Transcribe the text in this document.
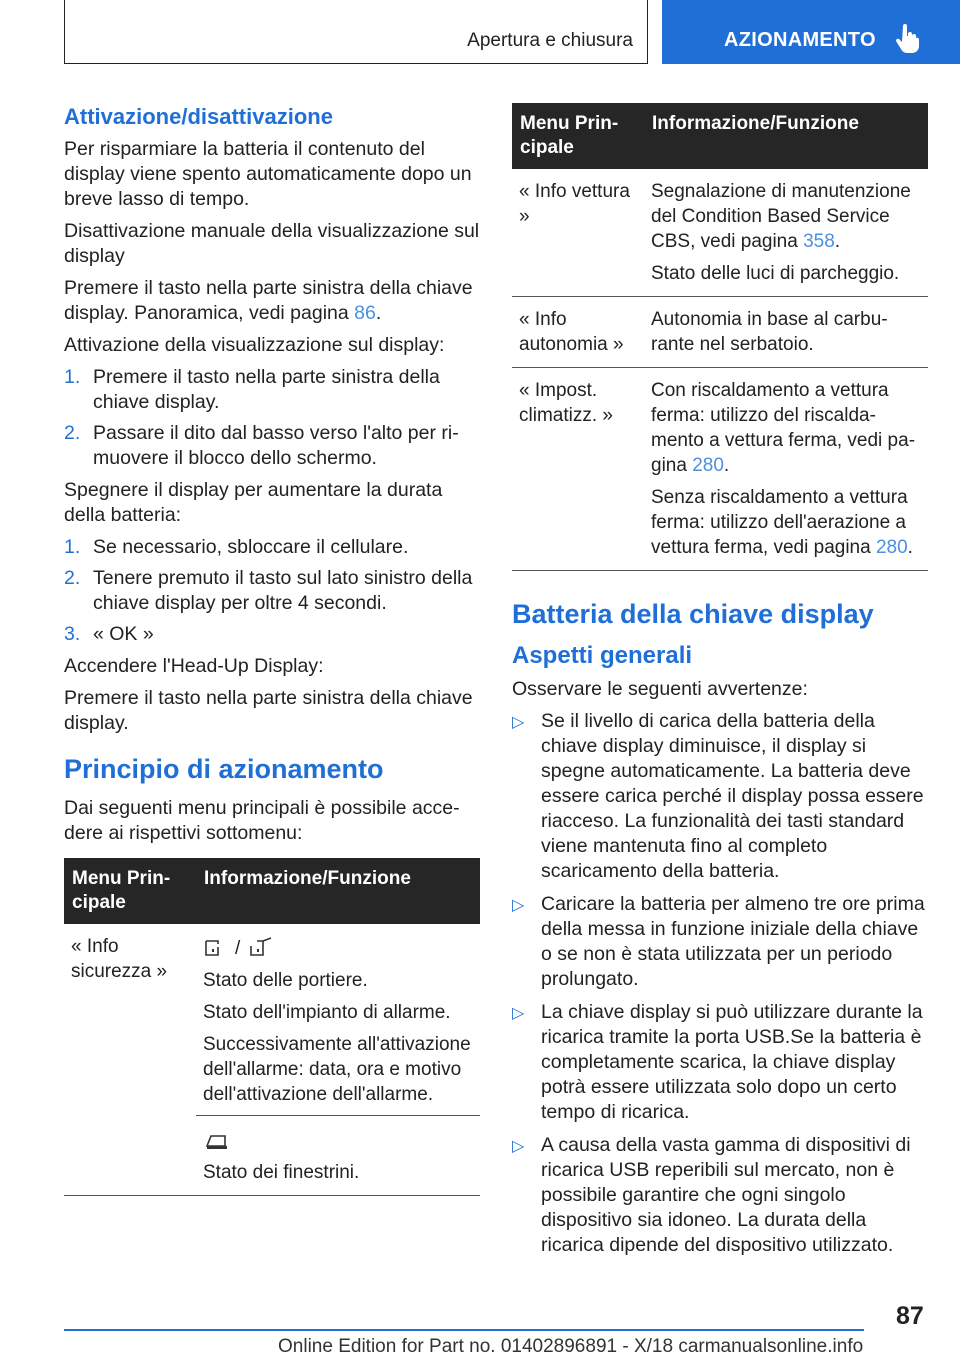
Apertura e chiusura	AZIONAMENTO
Attivazione/disattivazione

Per risparmiare la batteria il contenuto del display viene spento automaticamente dopo un breve lasso di tempo.

Disattivazione manuale della visualizzazione sul display

Premere il tasto nella parte sinistra della chiave display. Panoramica, vedi pagina 86.

Attivazione della visualizzazione sul display:

1. Premere il tasto nella parte sinistra della chiave display.
2. Passare il dito dal basso verso l'alto per rimuovere il blocco dello schermo.

Spegnere il display per aumentare la durata della batteria:

1. Se necessario, sbloccare il cellulare.
2. Tenere premuto il tasto sul lato sinistro della chiave display per oltre 4 secondi.
3. « OK »

Accendere l'Head-Up Display:

Premere il tasto nella parte sinistra della chiave display.

Principio di azionamento

Dai seguenti menu principali è possibile accedere ai rispettivi sottomenu:

Menu Principale	Informazione/Funzione
« Info sicurezza »	/

Stato delle portiere.

Stato dell'impianto di allarme.

Successivamente all'attivazione dell'allarme: data, ora e motivo dell'attivazione dell'allarme.

Stato dei finestrini.

Menu Principale	Informazione/Funzione
« Info vettura »	Segnalazione di manutenzione del Condition Based Service CBS, vedi pagina 358.

Stato delle luci di parcheggio.

« Info autonomia »	Autonomia in base al carburante nel serbatoio.
« Impost. climatizz. »	Con riscaldamento a vettura ferma: utilizzo del riscaldamento a vettura ferma, vedi pagina 280.

Senza riscaldamento a vettura ferma: utilizzo dell'aerazione a vettura ferma, vedi pagina 280.

Batteria della chiave display
Aspetti generali

Osservare le seguenti avvertenze:

▷ Se il livello di carica della batteria della chiave display diminuisce, il display si spegne automaticamente. La batteria deve essere carica perché il display possa essere riacceso. La funzionalità dei tasti standard viene mantenuta fino al completo scaricamento della batteria.
▷ Caricare la batteria per almeno tre ore prima della messa in funzione iniziale della chiave o se non è stata utilizzata per un periodo prolungato.
▷ La chiave display si può utilizzare durante la ricarica tramite la porta USB.Se la batteria è completamente scarica, la chiave display potrà essere utilizzata solo dopo un certo tempo di ricarica.
▷ A causa della vasta gamma di dispositivi di ricarica USB reperibili sul mercato, non è possibile garantire che ogni singolo dispositivo sia idoneo. La durata della ricarica dipende del dispositivo utilizzato.
87
Online Edition for Part no. 01402896891 - X/18 carmanualsonline.info
